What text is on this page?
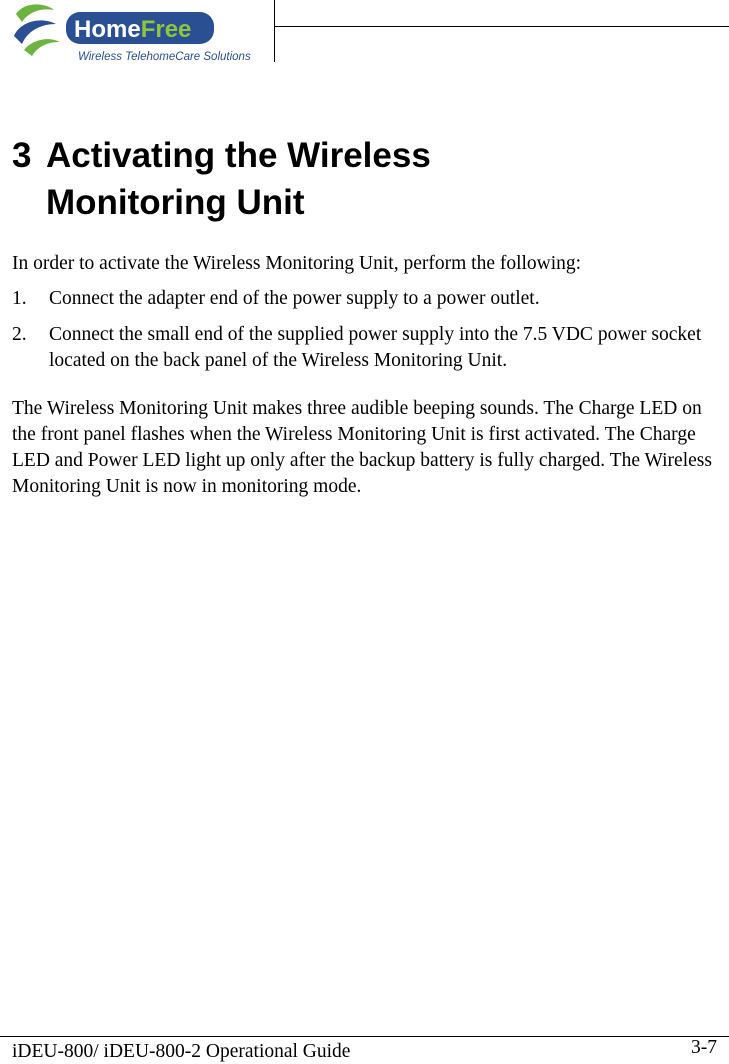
HomeFree
Wireless TelehomeCare Solutions
3 Activating the Wireless
Monitoring Unit

In order to activate the Wireless Monitoring Unit, perform the following:

1.	Connect the adapter end of the power supply to a power outlet.
2.	Connect the small end of the supplied power supply into the 7.5 VDC power socket located on the back panel of the Wireless Monitoring Unit.

The Wireless Monitoring Unit makes three audible beeping sounds. The Charge LED on the front panel flashes when the Wireless Monitoring Unit is first activated. The Charge LED and Power LED light up only after the backup battery is fully charged. The Wireless Monitoring Unit is now in monitoring mode.

iDEU-800/ iDEU-800-2 Operational Guide	3-7
